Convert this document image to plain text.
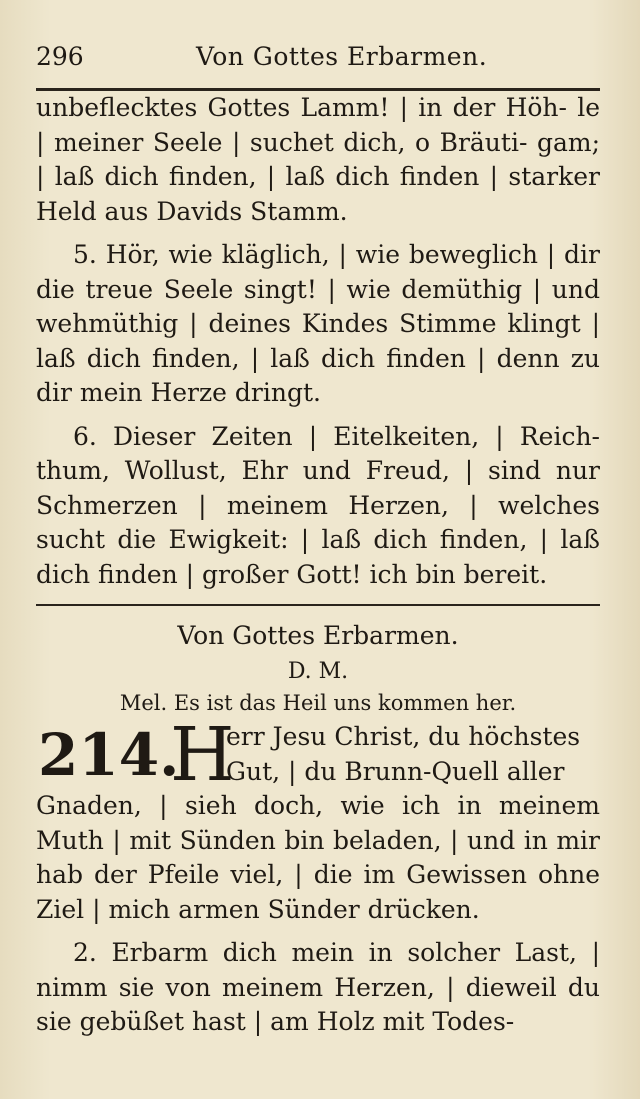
296	Von Gottes Erbarmen.

unbeflecktes Gottes Lamm! | in der Höh- le | meiner Seele | suchet dich, o Bräuti- gam; | laß dich finden, | laß dich finden | starker Held aus Davids Stamm.

5. Hör, wie kläglich, | wie beweglich | dir die treue Seele singt! | wie demüthig | und wehmüthig | deines Kindes Stimme klingt | laß dich finden, | laß dich finden | denn zu dir mein Herze dringt.

6. Dieser Zeiten | Eitelkeiten, | Reich- thum, Wollust, Ehr und Freud, | sind nur Schmerzen | meinem Herzen, | welches sucht die Ewigkeit: | laß dich finden, | laß dich finden | großer Gott! ich bin bereit.

Von Gottes Erbarmen.
D. M.
Mel. Es ist das Heil uns kommen her.
214.
H

err Jesu Christ, du höchstes
Gut, | du Brunn-Quell aller
Gnaden, | sieh doch, wie ich in meinem Muth | mit Sünden bin beladen, | und in mir hab der Pfeile viel, | die im Gewissen ohne Ziel | mich armen Sünder drücken.

2. Erbarm dich mein in solcher Last, | nimm sie von meinem Herzen, | dieweil du sie gebüßet hast | am Holz mit Todes-
